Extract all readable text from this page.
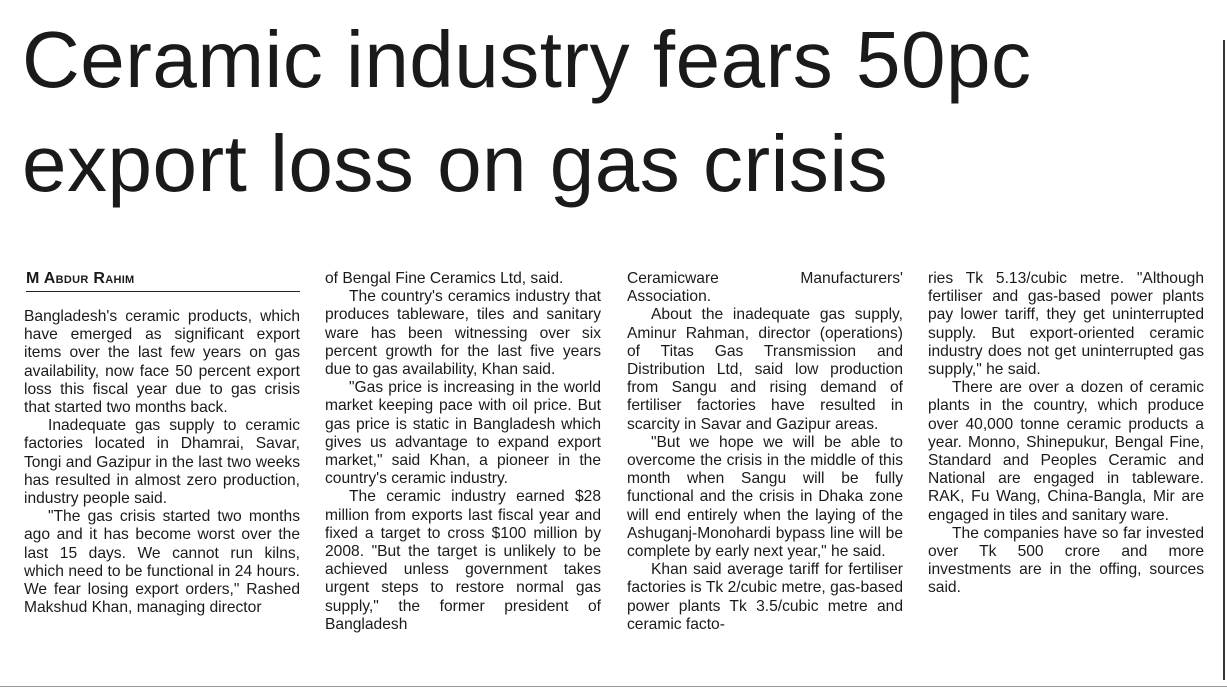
Ceramic industry fears 50pc
export loss on gas crisis
M Abdur Rahim

Bangladesh's ceramic products, which have emerged as significant export items over the last few years on gas availability, now face 50 percent export loss this fiscal year due to gas crisis that started two months back.

Inadequate gas supply to ceramic factories located in Dhamrai, Savar, Tongi and Gazipur in the last two weeks has resulted in almost zero production, industry people said.

"The gas crisis started two months ago and it has become worst over the last 15 days. We cannot run kilns, which need to be functional in 24 hours. We fear losing export orders," Rashed Makshud Khan, managing director

of Bengal Fine Ceramics Ltd, said.

The country's ceramics industry that produces tableware, tiles and sanitary ware has been witnessing over six percent growth for the last five years due to gas availability, Khan said.

"Gas price is increasing in the world market keeping pace with oil price. But gas price is static in Bangladesh which gives us advantage to expand export market," said Khan, a pioneer in the country's ceramic industry.

The ceramic industry earned $28 million from exports last fiscal year and fixed a target to cross $100 million by 2008. "But the target is unlikely to be achieved unless government takes urgent steps to restore normal gas supply," the former president of Bangladesh

Ceramicware Manufacturers' Association.

About the inadequate gas supply, Aminur Rahman, director (operations) of Titas Gas Transmission and Distribution Ltd, said low production from Sangu and rising demand of fertiliser factories have resulted in scarcity in Savar and Gazipur areas.

"But we hope we will be able to overcome the crisis in the middle of this month when Sangu will be fully functional and the crisis in Dhaka zone will end entirely when the laying of the Ashuganj-Monohardi bypass line will be complete by early next year," he said.

Khan said average tariff for fertiliser factories is Tk 2/cubic metre, gas-based power plants Tk 3.5/cubic metre and ceramic facto-

ries Tk 5.13/cubic metre. "Although fertiliser and gas-based power plants pay lower tariff, they get uninterrupted supply. But export-oriented ceramic industry does not get uninterrupted gas supply," he said.

There are over a dozen of ceramic plants in the country, which produce over 40,000 tonne ceramic products a year. Monno, Shinepukur, Bengal Fine, Standard and Peoples Ceramic and National are engaged in tableware. RAK, Fu Wang, China-Bangla, Mir are engaged in tiles and sanitary ware.

The companies have so far invested over Tk 500 crore and more investments are in the offing, sources said.
